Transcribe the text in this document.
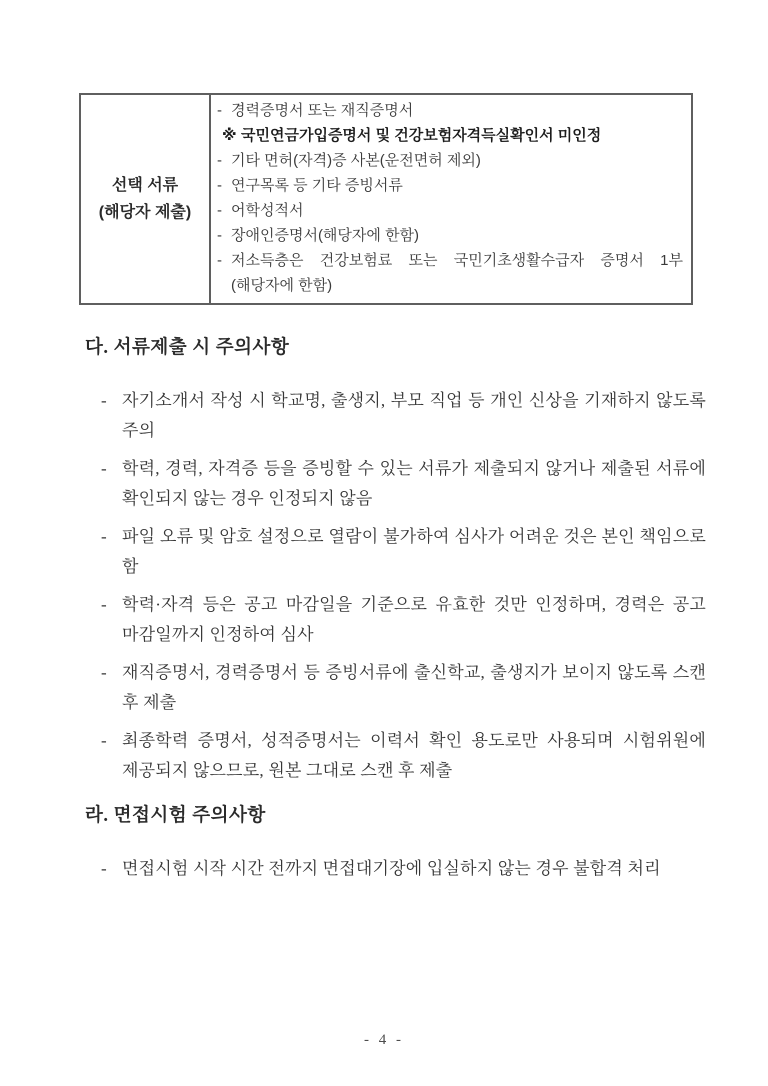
선택 서류
(해당자 제출)

- 경력증명서 또는 재직증명서
※ 국민연금가입증명서 및 건강보험자격득실확인서 미인정
- 기타 면허(자격)증 사본(운전면허 제외)
- 연구목록 등 기타 증빙서류
- 어학성적서
- 장애인증명서(해당자에 한함)
- 저소득층은 건강보험료 또는 국민기초생활수급자 증명서 1부 (해당자에 한함)
다. 서류제출 시 주의사항
- 자기소개서 작성 시 학교명, 출생지, 부모 직업 등 개인 신상을 기재하지 않도록 주의

- 학력, 경력, 자격증 등을 증빙할 수 있는 서류가 제출되지 않거나 제출된 서류에 확인되지 않는 경우 인정되지 않음

- 파일 오류 및 암호 설정으로 열람이 불가하여 심사가 어려운 것은 본인 책임으로 함

- 학력·자격 등은 공고 마감일을 기준으로 유효한 것만 인정하며, 경력은 공고 마감일까지 인정하여 심사

- 재직증명서, 경력증명서 등 증빙서류에 출신학교, 출생지가 보이지 않도록 스캔 후 제출

- 최종학력 증명서, 성적증명서는 이력서 확인 용도로만 사용되며 시험위원에 제공되지 않으므로, 원본 그대로 스캔 후 제출

라. 면접시험 주의사항
- 면접시험 시작 시간 전까지 면접대기장에 입실하지 않는 경우 불합격 처리

- 4 -
